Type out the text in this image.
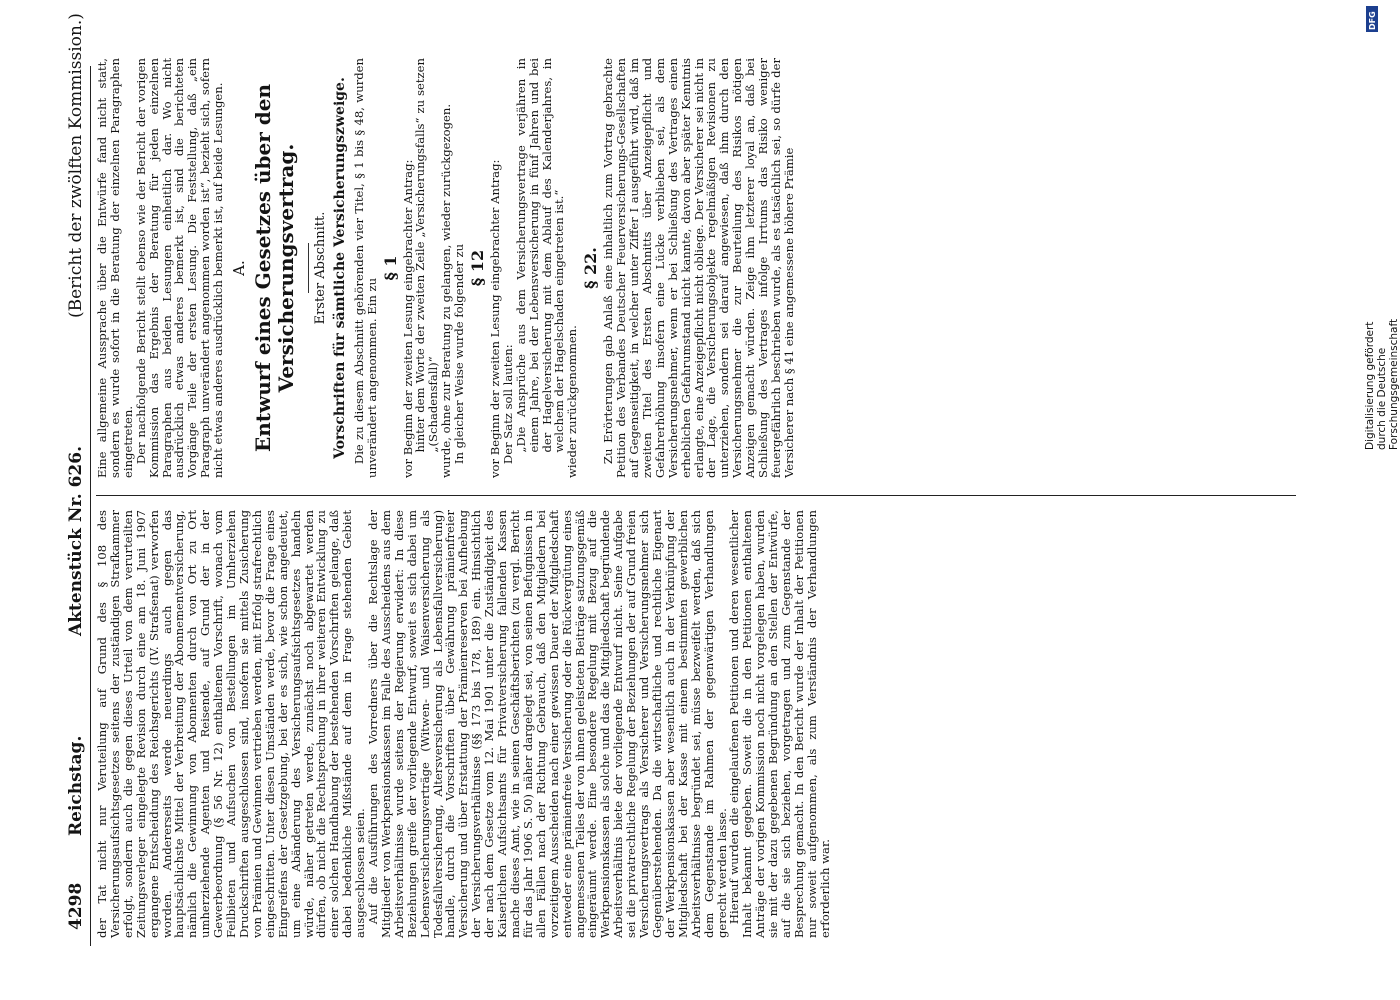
4298
Reichstag.
Aktenstück Nr. 626.
(Bericht der zwölften Kommission.)

der Tat nicht nur Veruteilung auf Grund des § 108 des Versicherungsaufsichtsgesetzes seitens der zuständigen Strafkammer erfolgt, sondern auch die gegen dieses Urteil von dem verurteilten Zeitungsverleger eingelegte Revision durch eine am 18. Juni 1907 ergangene Entscheidung des Reichsgerichts (IV. Strafsenat) verworfen worden. Andererseits werde neuerdings auch gegen das hauptsächlichste Mittel der Verbreitung der Abonnementversicherung, nämlich die Gewinnung von Abonnenten durch von Ort zu Ort umherziehende Agenten und Reisende, auf Grund der in der Gewerbeordnung (§ 56 Nr. 12) enthaltenen Vorschrift, wonach vom Feilbieten und Aufsuchen von Bestellungen im Umherziehen Druckschriften ausgeschlossen sind, insofern sie mittels Zusicherung von Prämien und Gewinnen vertrieben werden, mit Erfolg strafrechtlich eingeschritten. Unter diesen Umständen werde, bevor die Frage eines Eingreifens der Gesetzgebung, bei der es sich, wie schon angedeutet, um eine Abänderung des Versicherungsaufsichtsgesetzes handeln würde, näher getreten werde, zunächst noch abgewartet werden dürfen, ob nicht die Rechtsprechung in ihrer weiteren Entwicklung zu einer solchen Handhabung der bestehenden Vorschriften gelange, daß dabei bedenkliche Mißstände auf dem in Frage stehenden Gebiet ausgeschlossen seien.

Auf die Ausführungen des Vorredners über die Rechtslage der Mitglieder von Werkpensionskassen im Falle des Ausscheidens aus dem Arbeitsverhältnisse wurde seitens der Regierung erwidert: In diese Beziehungen greife der vorliegende Entwurf, soweit es sich dabei um Lebensversicherungsverträge (Witwen- und Waisenversicherung als Todesfallversicherung, Altersversicherung als Lebensfallversicherung) handle, durch die Vorschriften über Gewährung prämienfreier Versicherung und über Erstattung der Prämienreserven bei Aufhebung der Versicherungsverhältnisse (§§ 173 bis 178, 189) ein. Hinsichtlich der nach dem Gesetze vom 12. Mai 1901 unter die Zuständigkeit des Kaiserlichen Aufsichtsamts für Privatversicherung fallenden Kassen mache dieses Amt, wie in seinen Geschäftsberichten (zu vergl. Bericht für das Jahr 1906 S. 50) näher dargelegt sei, von seinen Befugnissen in allen Fällen nach der Richtung Gebrauch, daß den Mitgliedern bei vorzeitigem Ausscheiden nach einer gewissen Dauer der Mitgliedschaft entweder eine prämienfreie Versicherung oder die Rückvergütung eines angemessenen Teiles der von ihnen geleisteten Beiträge satzungsgemäß eingeräumt werde. Eine besondere Regelung mit Bezug auf die Werkpensionskassen als solche und das die Mitgliedschaft begründende Arbeitsverhältnis biete der vorliegende Entwurf nicht. Seine Aufgabe sei die privatrechtliche Regelung der Beziehungen der auf Grund freien Versicherungsvertrags als Versicherer und Versicherungsnehmer sich Gegenüberstehenden. Da die wirtschaftliche und rechtliche Eigenart der Werkpensionskassen aber wesentlich auch in der Verknüpfung der Mitgliedschaft bei der Kasse mit einem bestimmten gewerblichen Arbeitsverhältnisse begründet sei, müsse bezweifelt werden, daß sich dem Gegenstande im Rahmen der gegenwärtigen Verhandlungen gerecht werden lasse.

Hierauf wurden die eingelaufenen Petitionen und deren wesentlicher Inhalt bekannt gegeben. Soweit die in den Petitionen enthaltenen Anträge der vorigen Kommission noch nicht vorgelegen haben, wurden sie mit der dazu gegebenen Begründung an den Stellen der Entwürfe, auf die sie sich beziehen, vorgetragen und zum Gegenstande der Besprechung gemacht. In den Bericht wurde der Inhalt der Petitionen nur soweit aufgenommen, als zum Verständnis der Verhandlungen erforderlich war.

Eine allgemeine Aussprache über die Entwürfe fand nicht statt, sondern es wurde sofort in die Beratung der einzelnen Paragraphen eingetreten.

Der nachfolgende Bericht stellt ebenso wie der Bericht der vorigen Kommission das Ergebnis der Beratung für jeden einzelnen Paragraphen aus beiden Lesungen einheitlich dar. Wo nicht ausdrücklich etwas anderes bemerkt ist, sind die berichteten Vorgänge Teile der ersten Lesung. Die Feststellung, daß „ein Paragraph unverändert angenommen worden ist“, bezieht sich, sofern nicht etwas anderes ausdrücklich bemerkt ist, auf beide Lesungen. A. Entwurf eines Gesetzes über den Versicherungsvertrag. Erster Abschnitt. Vorschriften für sämtliche Versicherungszweige. Die zu diesem Abschnitt gehörenden vier Titel, § 1 bis § 48, wurden unverändert angenommen. Ein zu

§ 1 vor Beginn der zweiten Lesung eingebrachter Antrag:

hinter dem Worte der zweiten Zeile „Versicherungsfalls“ zu setzen „(Schadensfall)“

wurde, ohne zur Beratung zu gelangen, wieder zurückgezogen.

In gleicher Weise wurde folgender zu § 12 vor Beginn der zweiten Lesung eingebrachter Antrag:

Der Satz soll lauten:

„Die Ansprüche aus dem Versicherungsvertrage verjähren in einem Jahre, bei der Lebensversicherung in fünf Jahren und bei der Hagelversicherung mit dem Ablauf des Kalenderjahres, in welchem der Hagelschaden eingetreten ist.“

wieder zurückgenommen.

§ 22. Zu Erörterungen gab Anlaß eine inhaltlich zum Vortrag gebrachte Petition des Verbandes Deutscher Feuerversicherungs-Gesellschaften auf Gegenseitigkeit, in welcher unter Ziffer I ausgeführt wird, daß im zweiten Titel des Ersten Abschnitts über Anzeigepflicht und Gefahrerhöhung insofern eine Lücke verblieben sei, als dem Versicherungsnehmer, wenn er bei Schließung des Vertrages einen erheblichen Gefahrumstand nicht kannte, davon aber später Kenntnis erlangte, eine Anzeigepflicht nicht obliege. Der Versicherer sei nicht in der Lage, die Versicherungsobjekte regelmäßigen Revisionen zu unterziehen, sondern sei darauf angewiesen, daß ihm durch den Versicherungsnehmer die zur Beurteilung des Risikos nötigen Anzeigen gemacht würden. Zeige ihm letzterer loyal an, daß bei Schließung des Vertrages infolge Irrtums das Risiko weniger feuergefährlich beschrieben wurde, als es tatsächlich sei, so dürfe der Versicherer nach § 41 eine angemessene höhere Prämie

DFG
Digitalisierung gefördert durch die Deutsche Forschungsgemeinschaft
